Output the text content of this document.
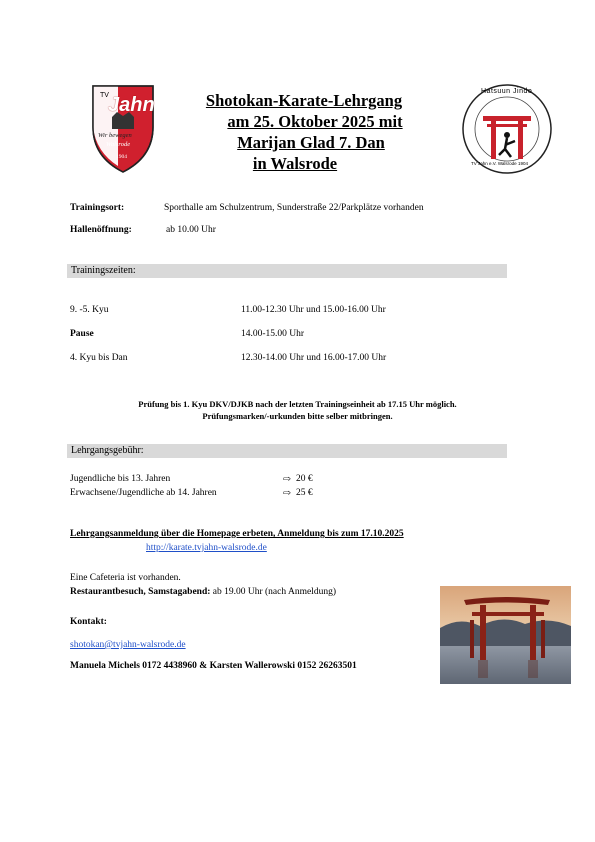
TV Jahn
Wir bewegen
Walsrode
1904
Shotokan-Karate-Lehrgang
am 25. Oktober 2025 mit
Marijan Glad 7. Dan
in Walsrode
Hatsuun Jindo
TV Jahn e.V. Walsrode 1904
Trainingsort:	Sporthalle am Schulzentrum, Sunderstraße 22/Parkplätze vorhanden
Hallenöffnung:	ab 10.00 Uhr
Trainingszeiten:
9. -5. Kyu	11.00-12.30 Uhr und 15.00-16.00 Uhr
Pause	14.00-15.00 Uhr
4. Kyu bis Dan	12.30-14.00 Uhr und 16.00-17.00 Uhr
Prüfung bis 1. Kyu DKV/DJKB nach der letzten Trainingseinheit ab 17.15 Uhr möglich.
Prüfungsmarken/-urkunden bitte selber mitbringen.
Lehrgangsgebühr:
Jugendliche bis 13. Jahren	⇨ 20 €
Erwachsene/Jugendliche ab 14. Jahren	⇨ 25 €
Lehrgangsanmeldung über die Homepage erbeten, Anmeldung bis zum 17.10.2025
http://karate.tvjahn-walsrode.de
Eine Cafeteria ist vorhanden.
Restaurantbesuch, Samstagabend: ab 19.00 Uhr (nach Anmeldung)
Kontakt:
shotokan@tvjahn-walsrode.de
Manuela Michels 0172 4438960 & Karsten Wallerowski 0152 26263501
